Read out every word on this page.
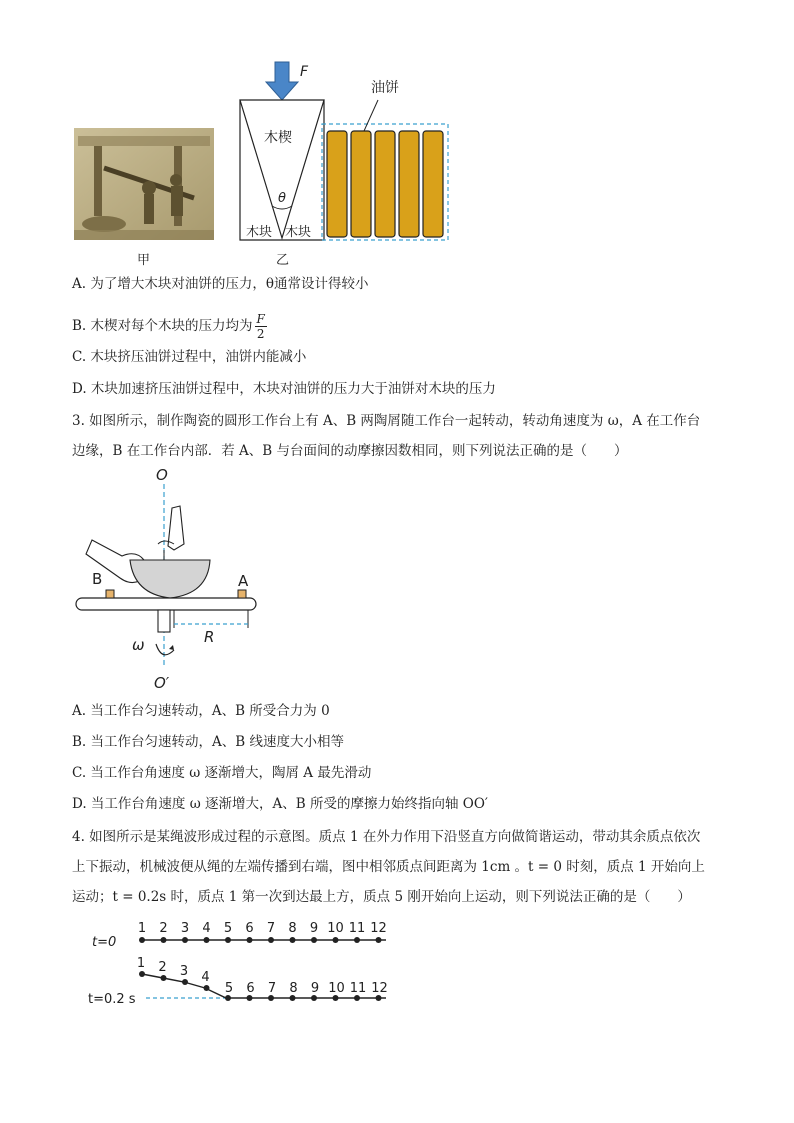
甲
F
木楔
θ
木块 木块
油饼
乙
A. 为了增大木块对油饼的压力，θ通常设计得较小
B. 木楔对每个木块的压力均为 $\frac{F}{2}$
C. 木块挤压油饼过程中，油饼内能减小
D. 木块加速挤压油饼过程中，木块对油饼的压力大于油饼对木块的压力
3. 如图所示，制作陶瓷的圆形工作台上有 A、B 两陶屑随工作台一起转动，转动角速度为 ω，A 在工作台
边缘，B 在工作台内部．若 A、B 与台面间的动摩擦因数相同，则下列说法正确的是（　　）
O
O′
B	A
R
ω
A. 当工作台匀速转动，A、B 所受合力为 0
B. 当工作台匀速转动，A、B 线速度大小相等
C. 当工作台角速度 ω 逐渐增大，陶屑 A 最先滑动
D. 当工作台角速度 ω 逐渐增大，A、B 所受的摩擦力始终指向轴 OO′
4. 如图所示是某绳波形成过程的示意图。质点 1 在外力作用下沿竖直方向做简谐运动，带动其余质点依次
上下振动，机械波便从绳的左端传播到右端，图中相邻质点间距离为 1cm 。t = 0 时刻，质点 1 开始向上
运动；t = 0.2s 时，质点 1 第一次到达最上方，质点 5 刚开始向上运动，则下列说法正确的是（　　）
t=0
1 2 3 4 5 6 7 8 9 10 11 12
t=0.2 s
1 2 3 4
5 6 7 8 9 10 11 12
